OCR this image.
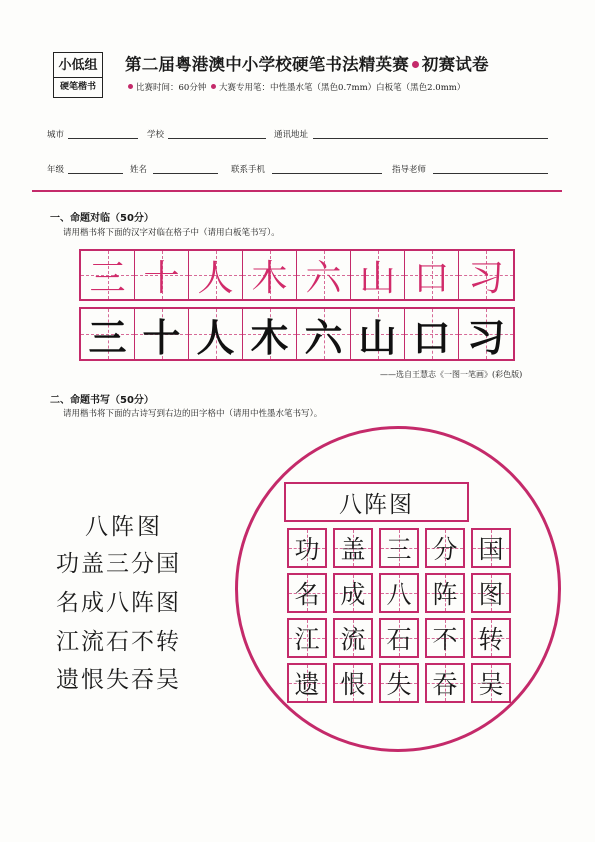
小低组
硬笔楷书
第二届粤港澳中小学校硬笔书法精英赛 初赛试卷
比赛时间：60分钟 大赛专用笔：中性墨水笔（黑色0.7mm）白板笔（黑色2.0mm）
城市	学校	通讯地址
年级	姓名	联系手机	指导老师
一、命题对临（50分）
请用楷书将下面的汉字对临在格子中（请用白板笔书写）。
三 十 人 木 六 山 口 习
三 十 人 木 六 山 口 习
——选自王慧志《一图一笔画》(彩色版)
二、命题书写（50分）
请用楷书将下面的古诗写到右边的田字格中（请用中性墨水笔书写）。
八阵图
功盖三分国
名成八阵图
江流石不转
遗恨失吞吴
八阵图
功 盖 三 分 国
名 成 八 阵 图
江 流 石 不 转
遗 恨 失 吞 吴
